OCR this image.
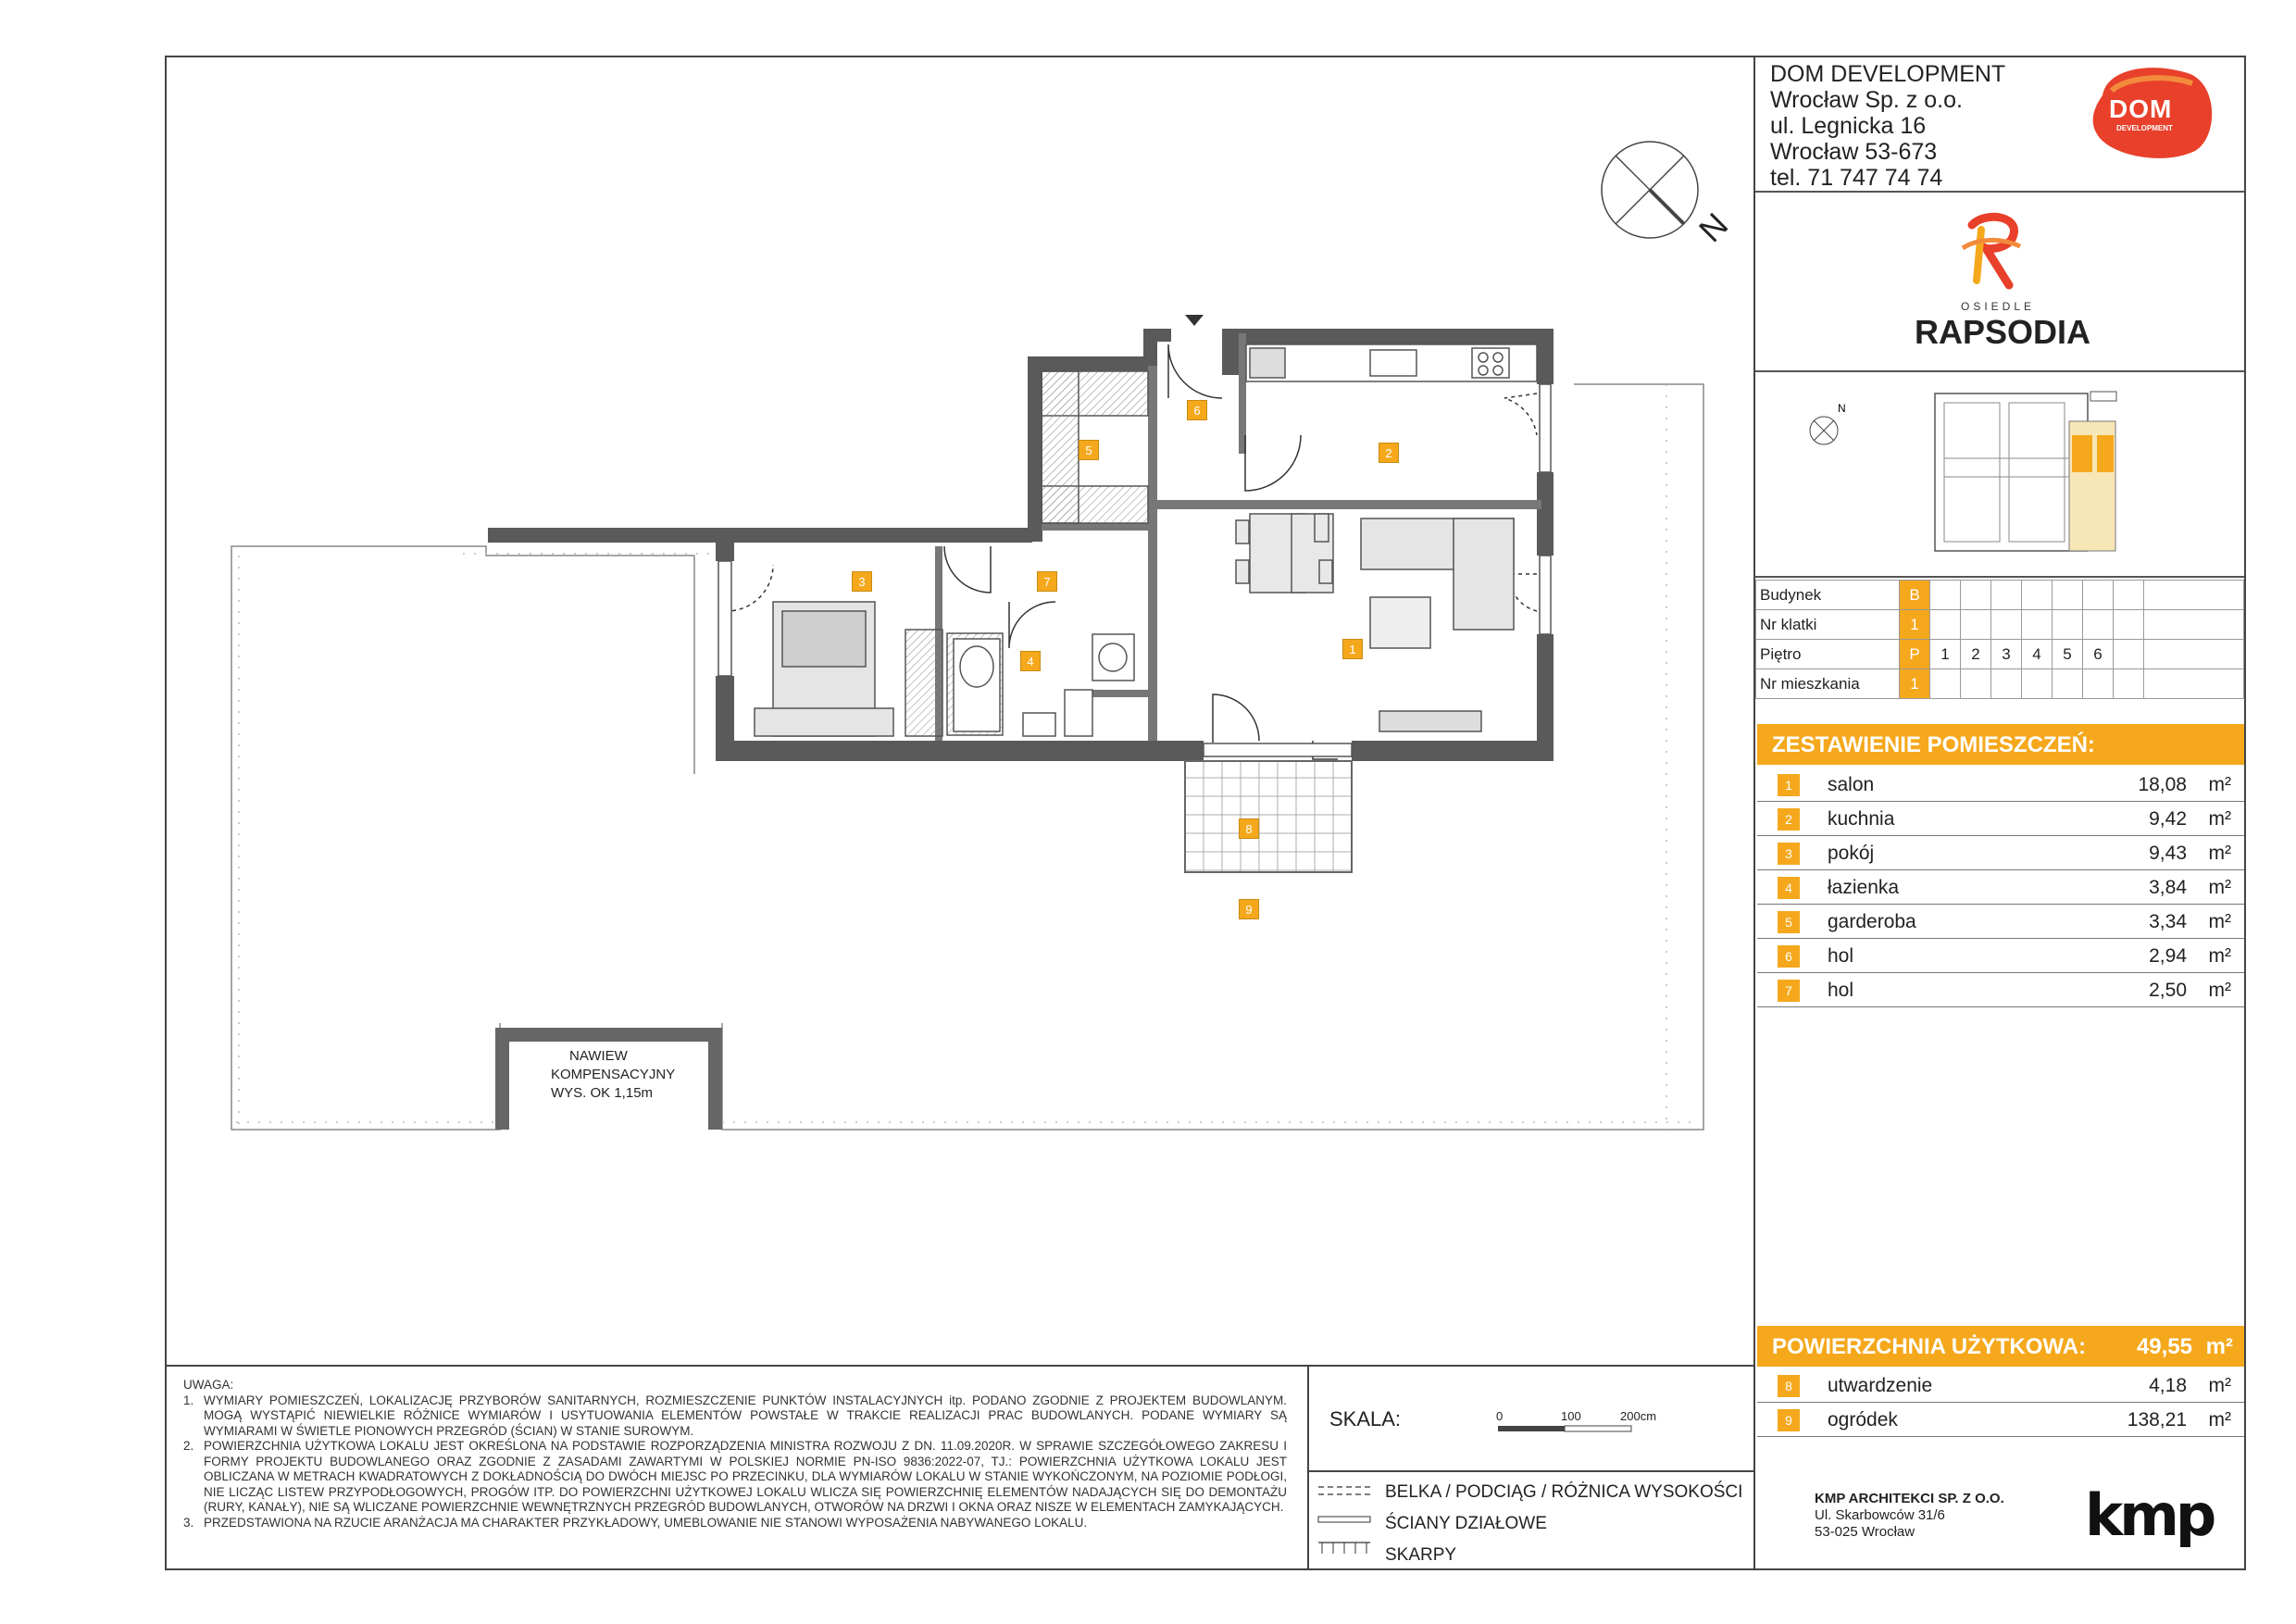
NAWIEW
KOMPENSACYJNY
WYS. OK 1,15m
N
1
2
3
4
5
6
7
8
9
DOM DEVELOPMENT
Wrocław Sp. z o.o.
ul. Legnicka 16
Wrocław 53-673
tel. 71 747 74 74
DOM
DEVELOPMENT
OSIEDLE
RAPSODIA
N
Budynek	B								
Nr klatki	1								
Piętro	P	1	2	3	4	5	6		
Nr mieszkania	1								
ZESTAWIENIE POMIESZCZEŃ:
1	salon	18,08 m²
2	kuchnia	9,42 m²
3	pokój	9,43 m²
4	łazienka	3,84 m²
5	garderoba	3,34 m²
6	hol	2,94 m²
7	hol	2,50 m²
POWIERZCHNIA UŻYTKOWA: 49,55 m²
8	utwardzenie	4,18 m²
9	ogródek	138,21 m²
KMP ARCHITEKCI SP. Z O.O.
Ul. Skarbowców 31/6
53-025 Wrocław	kmp
UWAGA:
1. WYMIARY POMIESZCZEŃ, LOKALIZACJĘ PRZYBORÓW SANITARNYCH, ROZMIESZCZENIE PUNKTÓW INSTALACYJNYCH itp. PODANO ZGODNIE Z PROJEKTEM BUDOWLANYM. MOGĄ WYSTĄPIĆ NIEWIELKIE RÓŻNICE WYMIARÓW I USYTUOWANIA ELEMENTÓW POWSTAŁE W TRAKCIE REALIZACJI PRAC BUDOWLANYCH. PODANE WYMIARY SĄ WYMIARAMI W ŚWIETLE PIONOWYCH PRZEGRÓD (ŚCIAN) W STANIE SUROWYM.

2. POWIERZCHNIA UŻYTKOWA LOKALU JEST OKREŚLONA NA PODSTAWIE ROZPORZĄDZENIA MINISTRA ROZWOJU Z DN. 11.09.2020R. W SPRAWIE SZCZEGÓŁOWEGO ZAKRESU I FORMY PROJEKTU BUDOWLANEGO ORAZ ZGODNIE Z ZASADAMI ZAWARTYMI W POLSKIEJ NORMIE PN-ISO 9836:2022-07, TJ.: POWIERZCHNIA UŻYTKOWA LOKALU JEST OBLICZANA W METRACH KWADRATOWYCH Z DOKŁADNOŚCIĄ DO DWÓCH MIEJSC PO PRZECINKU, DLA WYMIARÓW LOKALU W STANIE WYKOŃCZONYM, NA POZIOMIE PODŁOGI, NIE LICZĄC LISTEW PRZYPODŁOGOWYCH, PROGÓW ITP. DO POWIERZCHNI UŻYTKOWEJ LOKALU WLICZA SIĘ POWIERZCHNIĘ ELEMENTÓW NADAJĄCYCH SIĘ DO DEMONTAŻU (RURY, KANAŁY), NIE SĄ WLICZANE POWIERZCHNIE WEWNĘTRZNYCH PRZEGRÓD BUDOWLANYCH, OTWORÓW NA DRZWI I OKNA ORAZ NISZE W ELEMENTACH ZAMYKAJĄCYCH.

3. PRZEDSTAWIONA NA RZUCIE ARANŻACJA MA CHARAKTER PRZYKŁADOWY, UMEBLOWANIE NIE STANOWI WYPOSAŻENIA NABYWANEGO LOKALU.

SKALA:	0	100	200cm
BELKA / PODCIĄG / RÓŻNICA WYSOKOŚCI
ŚCIANY DZIAŁOWE
SKARPY
